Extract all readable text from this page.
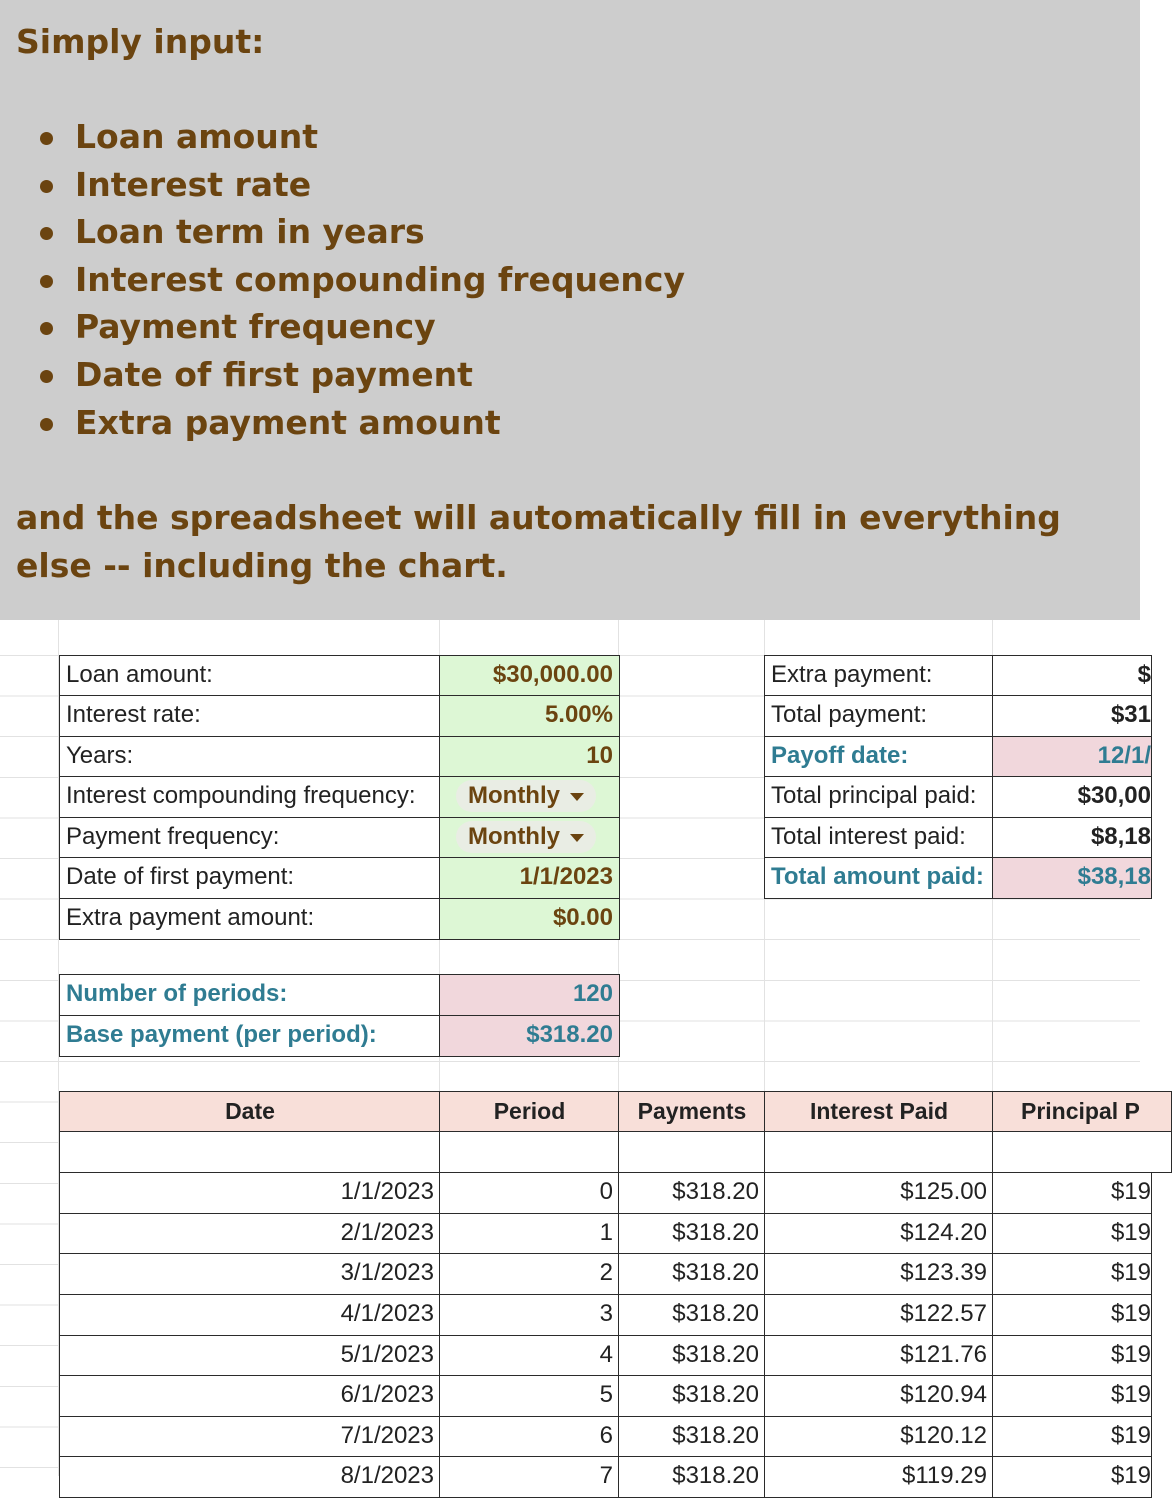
Simply input:
Loan amount
Interest rate
Loan term in years
Interest compounding frequency
Payment frequency
Date of first payment
Extra payment amount
and the spreadsheet will automatically fill in everything else -- including the chart.
Loan amount:	$30,000.00
Interest rate:	5.00%
Years:	10
Interest compounding frequency:	Monthly
Payment frequency:	Monthly
Date of first payment:	1/1/2023
Extra payment amount:	$0.00
Number of periods:	120
Base payment (per period):	$318.20
Extra payment:	$
Total payment:	$31
Payoff date:	12/1/
Total principal paid:	$30,00
Total interest paid:	$8,18
Total amount paid:	$38,18
Date	Period	Payments	Interest Paid	Principal P
1/1/2023	0	$318.20	$125.00	$19
2/1/2023	1	$318.20	$124.20	$19
3/1/2023	2	$318.20	$123.39	$19
4/1/2023	3	$318.20	$122.57	$19
5/1/2023	4	$318.20	$121.76	$19
6/1/2023	5	$318.20	$120.94	$19
7/1/2023	6	$318.20	$120.12	$19
8/1/2023	7	$318.20	$119.29	$19
